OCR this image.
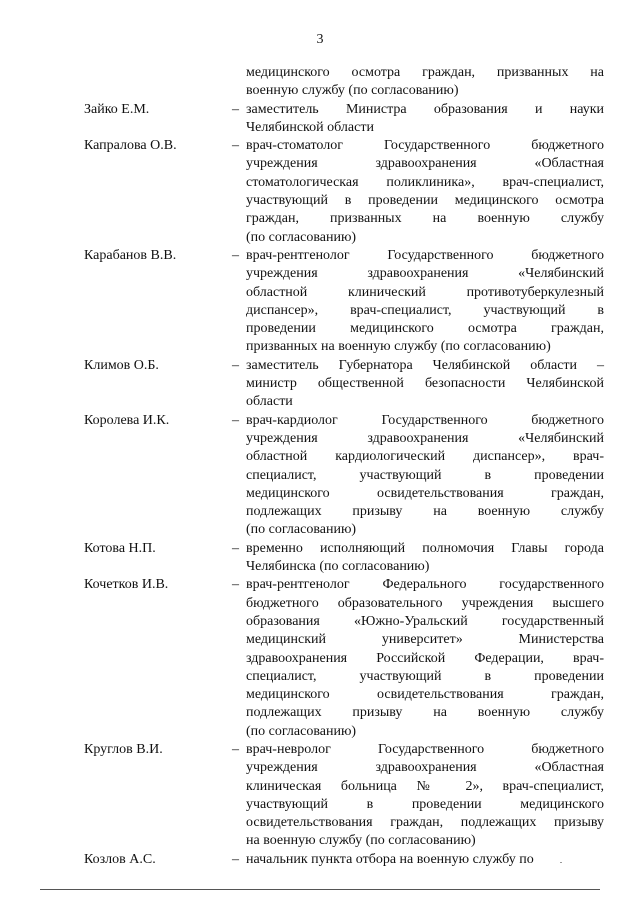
3
медицинского осмотра граждан, призванных на
военную службу (по согласованию)
Зайко Е.М.	– заместитель Министра образования и науки
Челябинской области
Капралова О.В.	– врач-стоматолог Государственного бюджетного
учреждения здравоохранения «Областная
стоматологическая поликлиника», врач-специалист,
участвующий в проведении медицинского осмотра
граждан, призванных на военную службу
(по согласованию)
Карабанов В.В.	– врач-рентгенолог Государственного бюджетного
учреждения здравоохранения «Челябинский
областной клинический противотуберкулезный
диспансер», врач-специалист, участвующий в
проведении медицинского осмотра граждан,
призванных на военную службу (по согласованию)
Климов О.Б.	– заместитель Губернатора Челябинской области –
министр общественной безопасности Челябинской
области
Королева И.К.	– врач-кардиолог Государственного бюджетного
учреждения здравоохранения «Челябинский
областной кардиологический диспансер», врач-
специалист, участвующий в проведении
медицинского освидетельствования граждан,
подлежащих призыву на военную службу
(по согласованию)
Котова Н.П.	– временно исполняющий полномочия Главы города
Челябинска (по согласованию)
Кочетков И.В.	– врач-рентгенолог Федерального государственного
бюджетного образовательного учреждения высшего
образования «Южно-Уральский государственный
медицинский университет» Министерства
здравоохранения Российской Федерации, врач-
специалист, участвующий в проведении
медицинского освидетельствования граждан,
подлежащих призыву на военную службу
(по согласованию)
Круглов В.И.	– врач-невролог Государственного бюджетного
учреждения здравоохранения «Областная
клиническая больница № 2», врач-специалист,
участвующий в проведении медицинского
освидетельствования граждан, подлежащих призыву
на военную службу (по согласованию)
Козлов А.С.	– начальник пункта отбора на военную службу по
